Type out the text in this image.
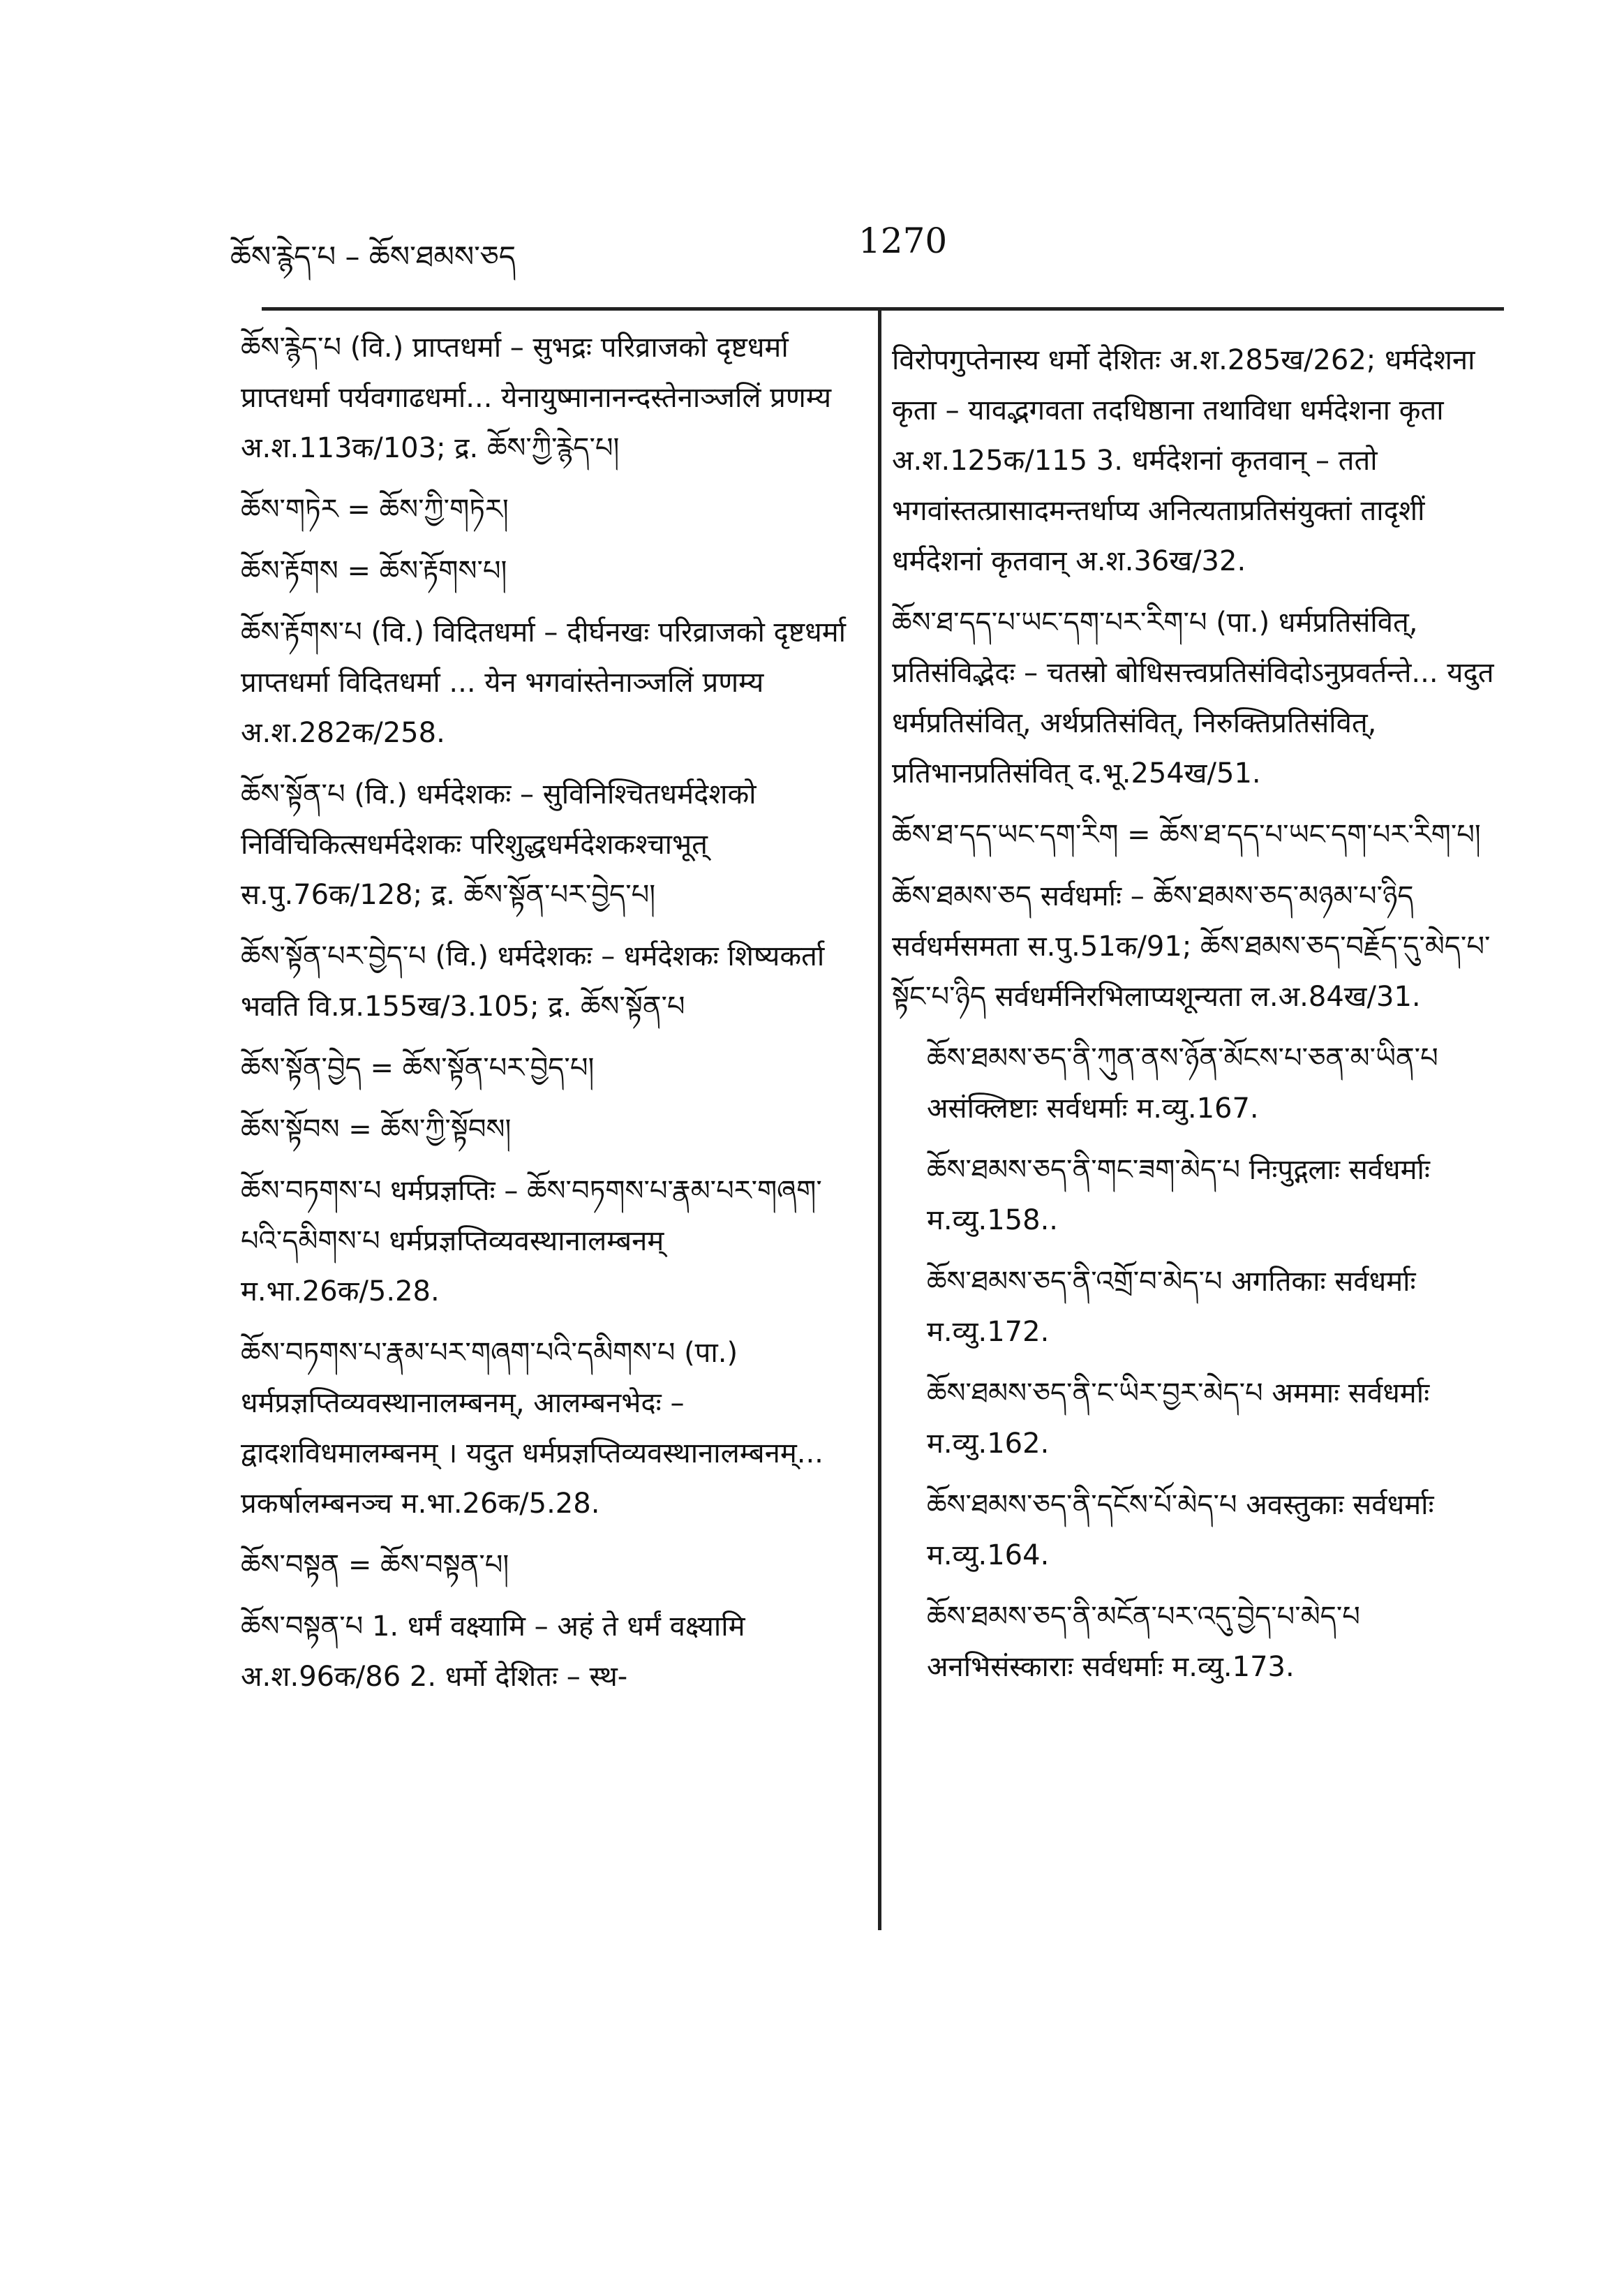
ཆོས་རྙེད་པ – ཆོས་ཐམས་ཅད	1270

ཆོས་རྙེད་པ (वि.) प्राप्तधर्मा – सुभद्रः परिव्राजको दृष्टधर्मा प्राप्तधर्मा पर्यवगाढधर्मा... येनायुष्मानानन्दस्तेनाञ्जलिं प्रणम्य अ.श.113क/103; द्र. ཆོས་ཀྱི་རྙེད་པ།

ཆོས་གཏེར = ཆོས་ཀྱི་གཏེར།

ཆོས་རྟོགས = ཆོས་རྟོགས་པ།

ཆོས་རྟོགས་པ (वि.) विदितधर्मा – दीर्घनखः परिव्राजको दृष्टधर्मा प्राप्तधर्मा विदितधर्मा ... येन भगवांस्तेनाञ्जलिं प्रणम्य अ.श.282क/258.

ཆོས་སྟོན་པ (वि.) धर्मदेशकः – सुविनिश्चितधर्मदेशको निर्विचिकित्सधर्मदेशकः परिशुद्धधर्मदेशकश्चाभूत् स.पु.76क/128; द्र. ཆོས་སྟོན་པར་བྱེད་པ།

ཆོས་སྟོན་པར་བྱེད་པ (वि.) धर्मदेशकः – धर्मदेशकः शिष्यकर्ता भवति वि.प्र.155ख/3.105; द्र. ཆོས་སྟོན་པ

ཆོས་སྟོན་བྱེད = ཆོས་སྟོན་པར་བྱེད་པ།

ཆོས་སྟོབས = ཆོས་ཀྱི་སྟོབས།

ཆོས་བཏགས་པ धर्मप्रज्ञप्तिः – ཆོས་བཏགས་པ་རྣམ་པར་གཞག་པའི་དམིགས་པ धर्मप्रज्ञप्तिव्यवस्थानालम्बनम् म.भा.26क/5.28.

ཆོས་བཏགས་པ་རྣམ་པར་གཞག་པའི་དམིགས་པ (पा.) धर्मप्रज्ञप्तिव्यवस्थानालम्बनम्, आलम्बनभेदः – द्वादशविधमालम्बनम् । यदुत धर्मप्रज्ञप्तिव्यवस्थानालम्बनम्... प्रकर्षालम्बनञ्च म.भा.26क/5.28.

ཆོས་བསྟན = ཆོས་བསྟན་པ།

ཆོས་བསྟན་པ 1. धर्मं वक्ष्यामि – अहं ते धर्मं वक्ष्यामि अ.श.96क/86 2. धर्मो देशितः – स्थ-

विरोपगुप्तेनास्य धर्मो देशितः अ.श.285ख/262; धर्मदेशना कृता – यावद्भगवता तदधिष्ठाना तथाविधा धर्मदेशना कृता अ.श.125क/115 3. धर्मदेशनां कृतवान् – ततो भगवांस्तत्प्रासादमन्तर्धाप्य अनित्यताप्रतिसंयुक्तां तादृशीं धर्मदेशनां कृतवान् अ.श.36ख/32.

ཆོས་ཐ་དད་པ་ཡང་དག་པར་རིག་པ (पा.) धर्मप्रतिसंवित्, प्रतिसंविद्भेदः – चतस्रो बोधिसत्त्वप्रतिसंविदोऽनुप्रवर्तन्ते... यदुत धर्मप्रतिसंवित्, अर्थप्रतिसंवित्, निरुक्तिप्रतिसंवित्, प्रतिभानप्रतिसंवित् द.भू.254ख/51.

ཆོས་ཐ་དད་ཡང་དག་རིག = ཆོས་ཐ་དད་པ་ཡང་དག་པར་རིག་པ།

ཆོས་ཐམས་ཅད सर्वधर्माः – ཆོས་ཐམས་ཅད་མཉམ་པ་ཉིད सर्वधर्मसमता स.पु.51क/91; ཆོས་ཐམས་ཅད་བརྗོད་དུ་མེད་པ་སྟོང་པ་ཉིད सर्वधर्मनिरभिलाप्यशून्यता ल.अ.84ख/31.

ཆོས་ཐམས་ཅད་ནི་ཀུན་ནས་ཉོན་མོངས་པ་ཅན་མ་ཡིན་པ असंक्लिष्टाः सर्वधर्माः म.व्यु.167.

ཆོས་ཐམས་ཅད་ནི་གང་ཟག་མེད་པ निःपुद्गलाः सर्वधर्माः म.व्यु.158..

ཆོས་ཐམས་ཅད་ནི་འགྲོ་བ་མེད་པ अगतिकाः सर्वधर्माः म.व्यु.172.

ཆོས་ཐམས་ཅད་ནི་ང་ཡིར་བྱར་མེད་པ अममाः सर्वधर्माः म.व्यु.162.

ཆོས་ཐམས་ཅད་ནི་དངོས་པོ་མེད་པ अवस्तुकाः सर्वधर्माः म.व्यु.164.

ཆོས་ཐམས་ཅད་ནི་མངོན་པར་འདུ་བྱེད་པ་མེད་པ अनभिसंस्काराः सर्वधर्माः म.व्यु.173.
